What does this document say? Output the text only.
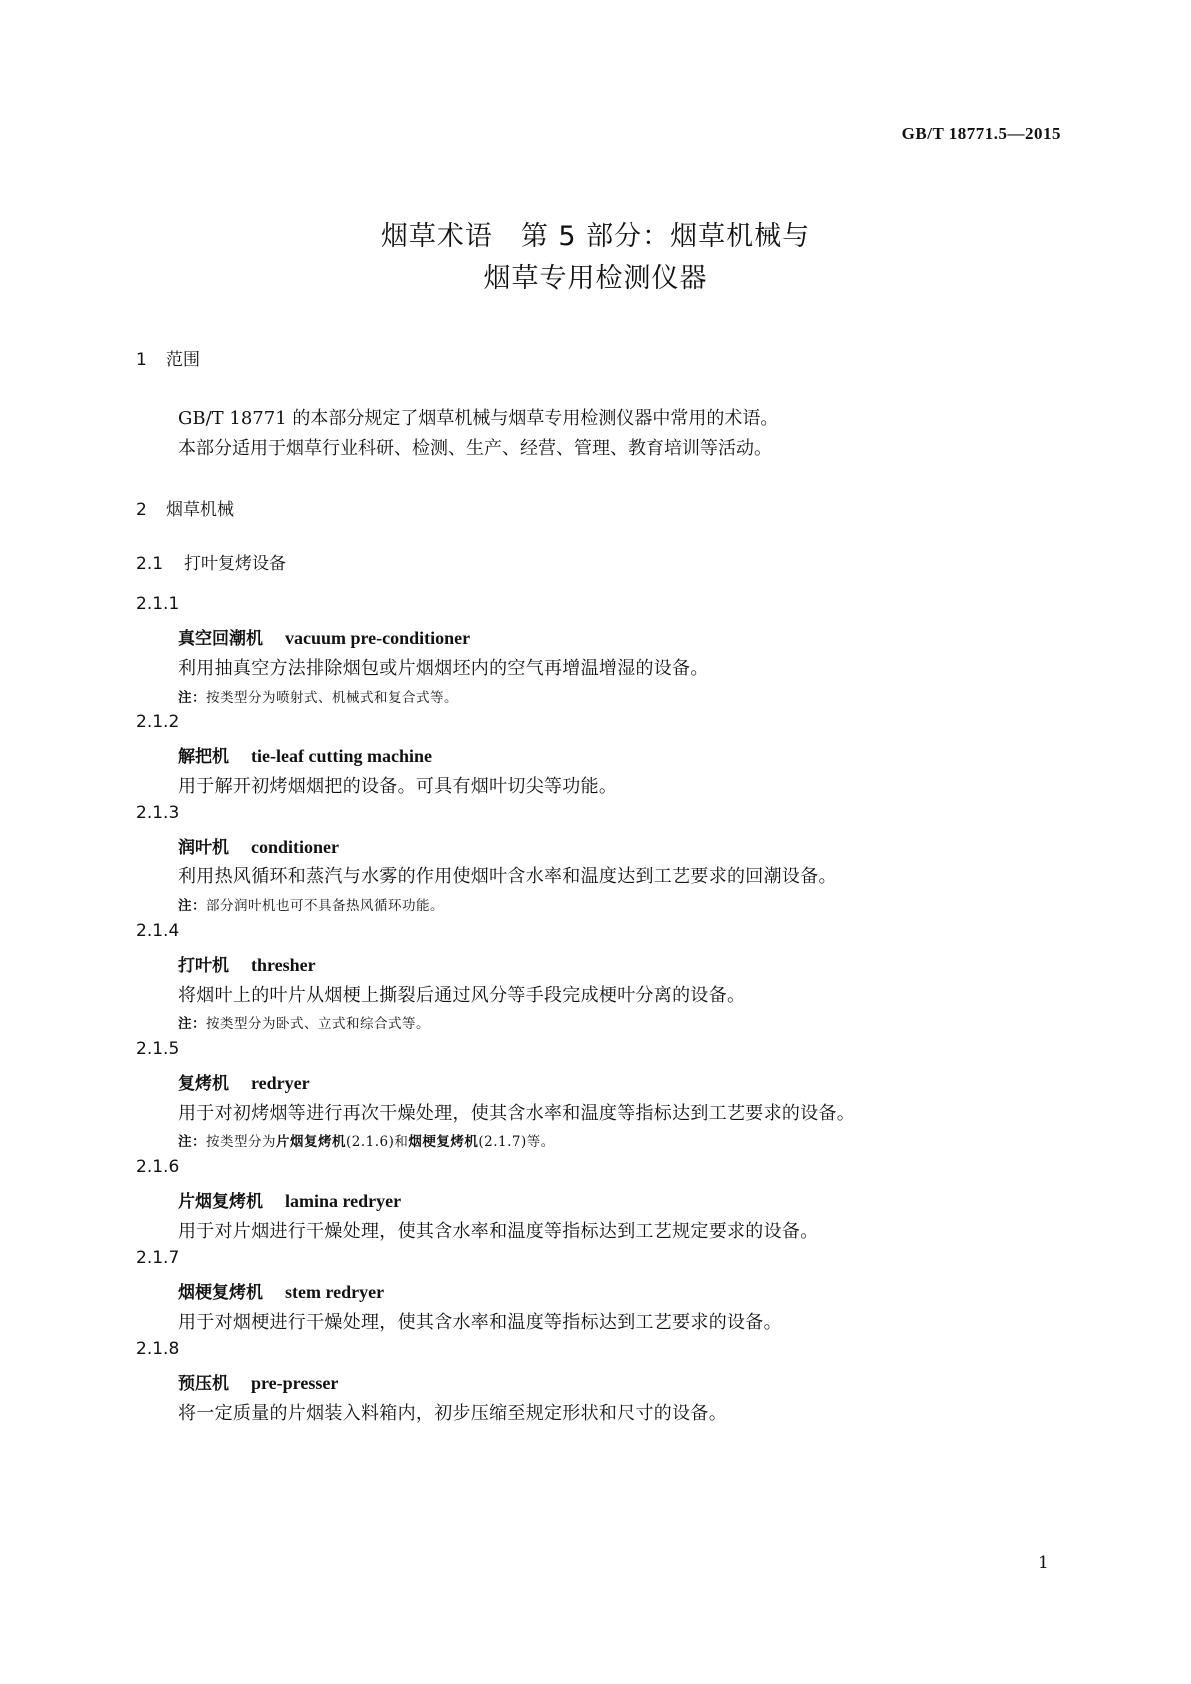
GB/T 18771.5—2015
烟草术语　第 5 部分：烟草机械与
烟草专用检测仪器
1 范围
GB/T 18771 的本部分规定了烟草机械与烟草专用检测仪器中常用的术语。
本部分适用于烟草行业科研、检测、生产、经营、管理、教育培训等活动。
2 烟草机械
2.1 打叶复烤设备
2.1.1
真空回潮机 vacuum pre-conditioner
利用抽真空方法排除烟包或片烟烟坯内的空气再增温增湿的设备。
注：按类型分为喷射式、机械式和复合式等。
2.1.2
解把机 tie-leaf cutting machine
用于解开初烤烟烟把的设备。可具有烟叶切尖等功能。
2.1.3
润叶机 conditioner
利用热风循环和蒸汽与水雾的作用使烟叶含水率和温度达到工艺要求的回潮设备。
注：部分润叶机也可不具备热风循环功能。
2.1.4
打叶机 thresher
将烟叶上的叶片从烟梗上撕裂后通过风分等手段完成梗叶分离的设备。
注：按类型分为卧式、立式和综合式等。
2.1.5
复烤机 redryer
用于对初烤烟等进行再次干燥处理，使其含水率和温度等指标达到工艺要求的设备。
注：按类型分为片烟复烤机(2.1.6)和烟梗复烤机(2.1.7)等。
2.1.6
片烟复烤机 lamina redryer
用于对片烟进行干燥处理，使其含水率和温度等指标达到工艺规定要求的设备。
2.1.7
烟梗复烤机 stem redryer
用于对烟梗进行干燥处理，使其含水率和温度等指标达到工艺要求的设备。
2.1.8
预压机 pre-presser
将一定质量的片烟装入料箱内，初步压缩至规定形状和尺寸的设备。
1
